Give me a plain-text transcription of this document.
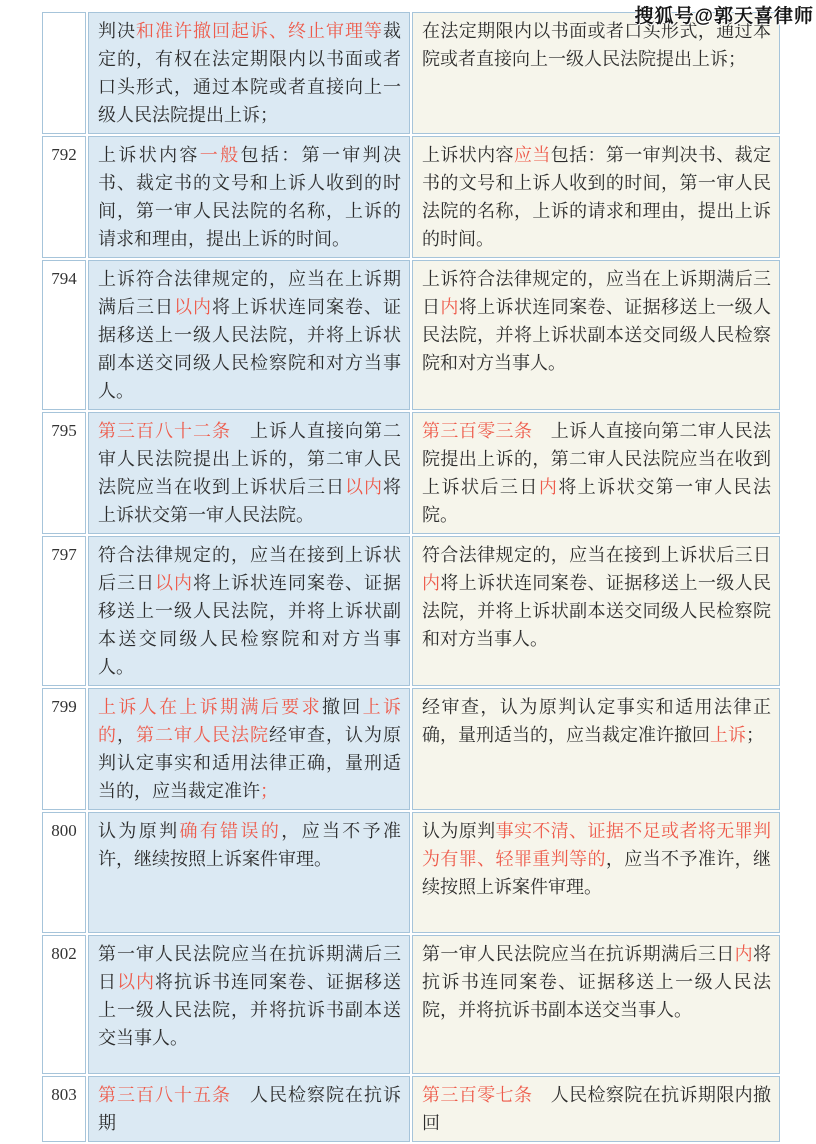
搜狐号@郭天喜律师
	判决和准许撤回起诉、终止审理等裁定的，有权在法定期限内以书面或者口头形式，通过本院或者直接向上一级人民法院提出上诉；	在法定期限内以书面或者口头形式，通过本院或者直接向上一级人民法院提出上诉；
792	上诉状内容一般包括：第一审判决书、裁定书的文号和上诉人收到的时间，第一审人民法院的名称，上诉的请求和理由，提出上诉的时间。	上诉状内容应当包括：第一审判决书、裁定书的文号和上诉人收到的时间，第一审人民法院的名称，上诉的请求和理由，提出上诉的时间。
794	上诉符合法律规定的，应当在上诉期满后三日以内将上诉状连同案卷、证据移送上一级人民法院，并将上诉状副本送交同级人民检察院和对方当事人。	上诉符合法律规定的，应当在上诉期满后三日内将上诉状连同案卷、证据移送上一级人民法院，并将上诉状副本送交同级人民检察院和对方当事人。
795	第三百八十二条　上诉人直接向第二审人民法院提出上诉的，第二审人民法院应当在收到上诉状后三日以内将上诉状交第一审人民法院。	第三百零三条　上诉人直接向第二审人民法院提出上诉的，第二审人民法院应当在收到上诉状后三日内将上诉状交第一审人民法院。
797	符合法律规定的，应当在接到上诉状后三日以内将上诉状连同案卷、证据移送上一级人民法院，并将上诉状副本送交同级人民检察院和对方当事人。	符合法律规定的，应当在接到上诉状后三日内将上诉状连同案卷、证据移送上一级人民法院，并将上诉状副本送交同级人民检察院和对方当事人。
799	上诉人在上诉期满后要求撤回上诉的，第二审人民法院经审查，认为原判认定事实和适用法律正确，量刑适当的，应当裁定准许；	经审查，认为原判认定事实和适用法律正确，量刑适当的，应当裁定准许撤回上诉；
800	认为原判确有错误的，应当不予准许，继续按照上诉案件审理。	认为原判事实不清、证据不足或者将无罪判为有罪、轻罪重判等的，应当不予准许，继续按照上诉案件审理。
802	第一审人民法院应当在抗诉期满后三日以内将抗诉书连同案卷、证据移送上一级人民法院，并将抗诉书副本送交当事人。	第一审人民法院应当在抗诉期满后三日内将抗诉书连同案卷、证据移送上一级人民法院，并将抗诉书副本送交当事人。
803	第三百八十五条　人民检察院在抗诉期	第三百零七条　人民检察院在抗诉期限内撤回
